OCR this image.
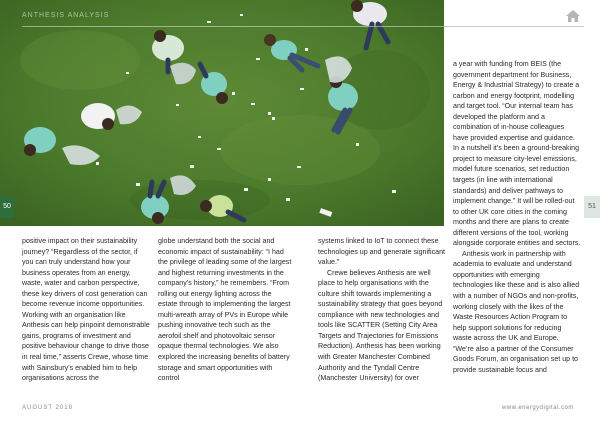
ANTHESIS ANALYSIS
50	51

positive impact on their sustainability journey? “Regardless of the sector, if you can truly understand how your business operates from an energy, waste, water and carbon perspective, these key drivers of cost generation can become revenue income opportunities. Working with an organisation like Anthesis can help pinpoint demonstrable gains, programs of investment and positive behaviour change to drive those in real time,” asserts Crewe, whose time with Sainsbury’s enabled him to help organisations across the

globe understand both the social and economic impact of sustainability: “I had the privilege of leading some of the largest and highest returning investments in the company’s history,” he remembers. “From rolling out energy lighting across the estate through to implementing the largest multi-wreath array of PVs in Europe while pushing innovative tech such as the aerofoil shelf and photovoltaic sensor opaque thermal technologies. We also explored the increasing benefits of battery storage and smart opportunities with control

systems linked to IoT to connect these technologies up and generate significant value.”

Crewe believes Anthesis are well place to help organisations with the culture shift towards implementing a sustainability strategy that goes beyond compliance with new technologies and tools like SCATTER (Setting City Area Targets and Trajectories for Emissions Reduction). Anthesis has been working with Greater Manchester Combined Authority and the Tyndall Centre (Manchester University) for over

a year with funding from BEIS (the government department for Business, Energy & Industrial Strategy) to create a carbon and energy footprint, modelling and target tool. “Our internal team has developed the platform and a combination of in-house colleagues have provided expertise and guidance. In a nutshell it’s been a ground-breaking project to measure city-level emissions, model future scenarios, set reduction targets (in line with international standards) and deliver pathways to implement change.” It will be rolled-out to other UK core cities in the coming months and there are plans to create different versions of the tool, working alongside corporate entities and sectors.

Anthesis work in partnership with academia to evaluate and understand opportunities with emerging technologies like these and is also allied with a number of NGOs and non-profits, working closely with the likes of the Waste Resources Action Program to help support solutions for reducing waste across the UK and Europe. “We’re also a partner of the Consumer Goods Forum, an organisation set up to provide sustainable focus and

AUGUST 2018	www.energydigital.com
